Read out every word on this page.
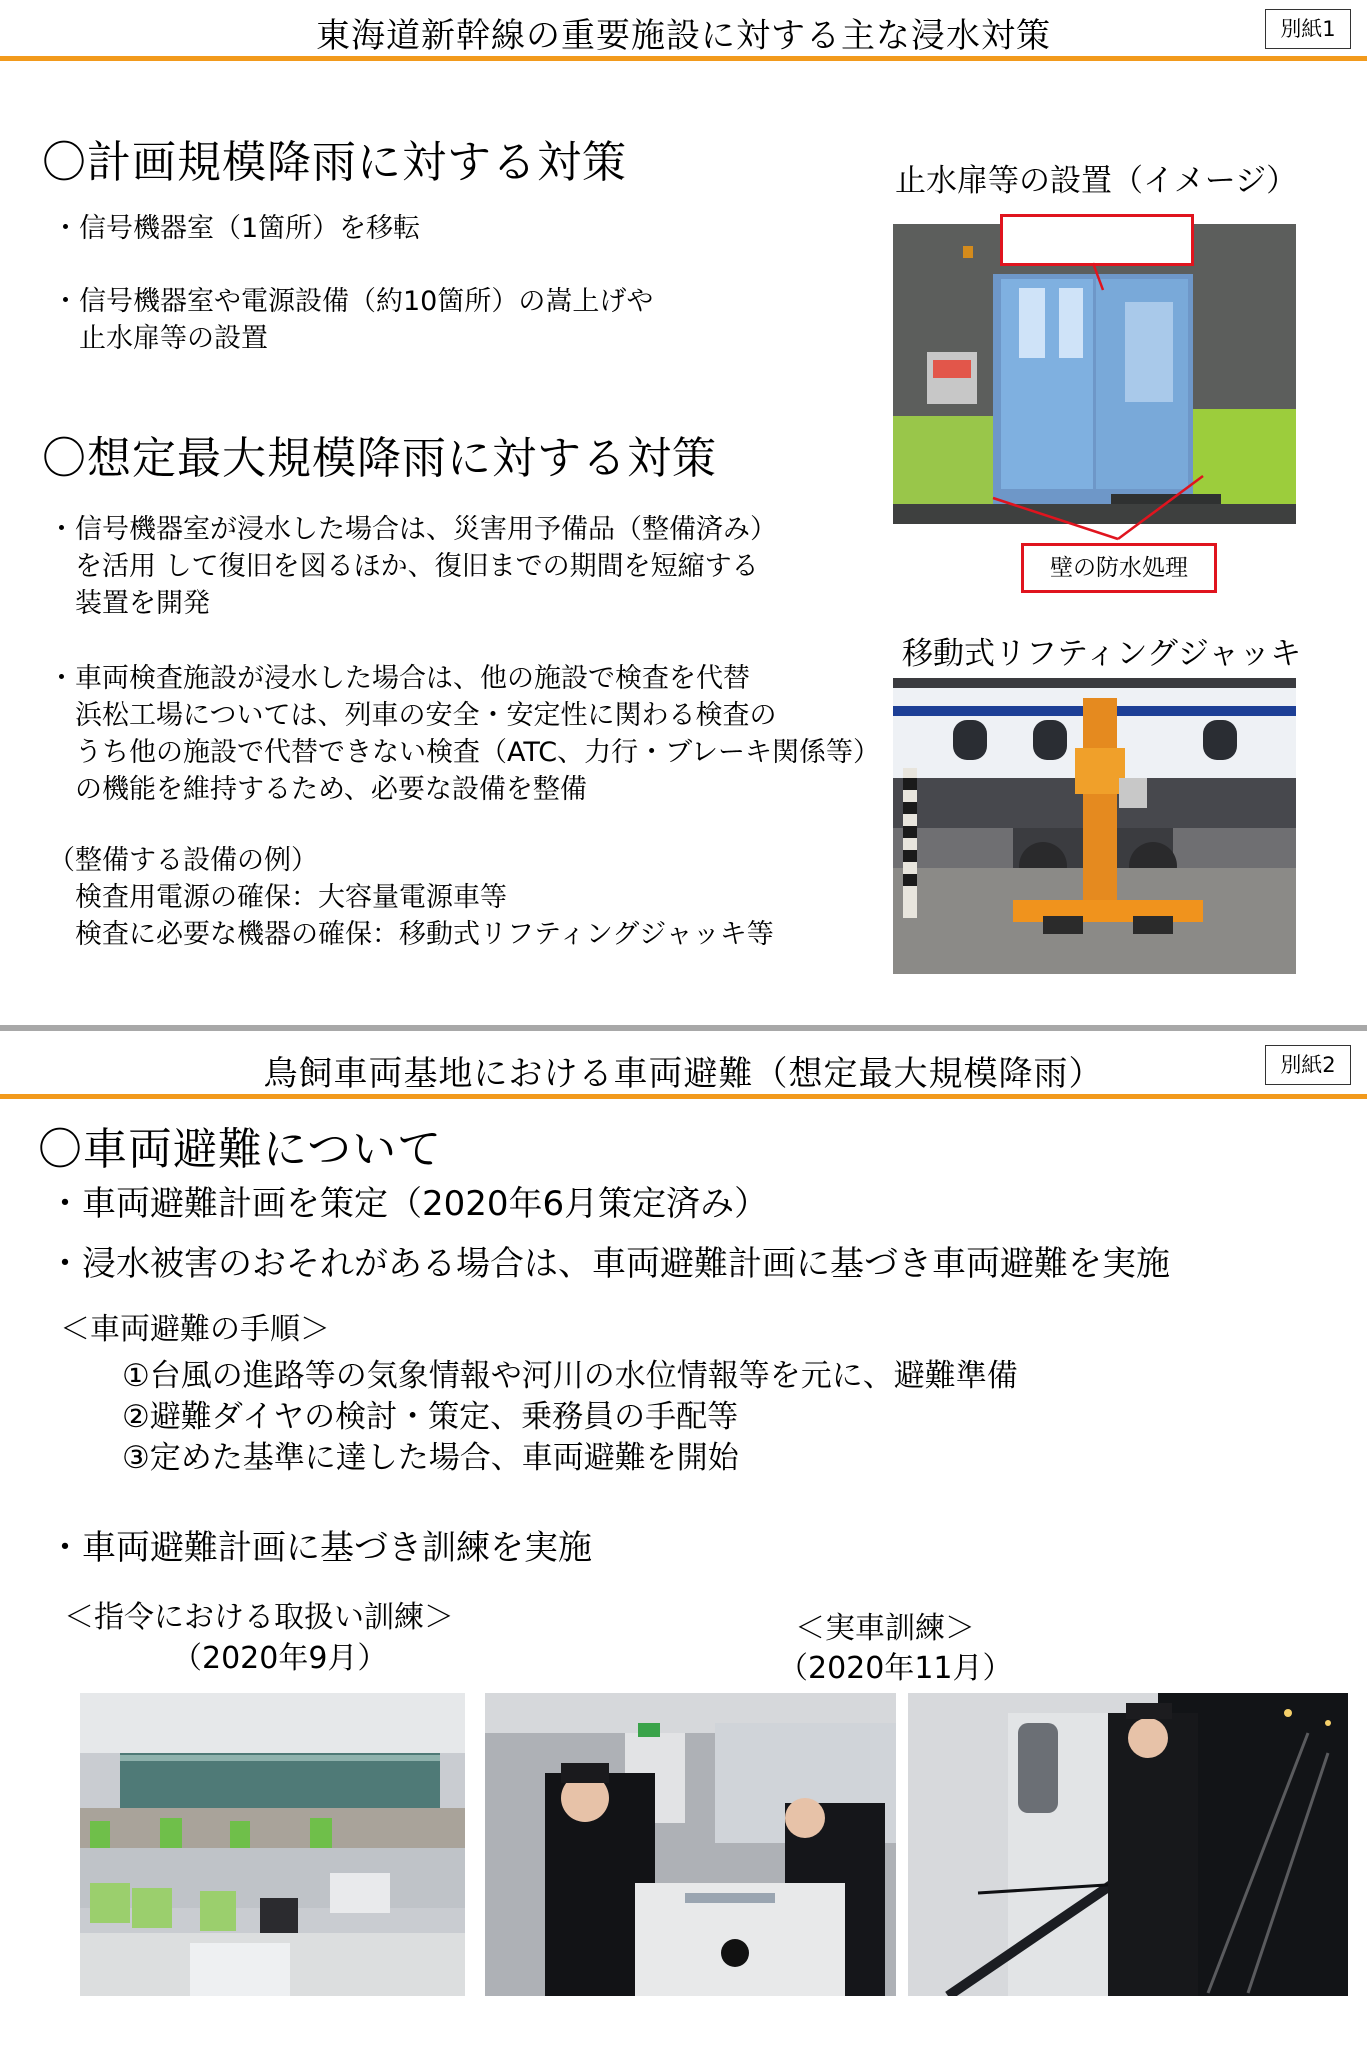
東海道新幹線の重要施設に対する主な浸水対策	別紙1
〇計画規模降雨に対する対策
・信号機器室（1箇所）を移転
・信号機器室や電源設備（約10箇所）の嵩上げや
　止水扉等の設置
〇想定最大規模降雨に対する対策
・信号機器室が浸水した場合は、災害用予備品（整備済み）
　を活用 して復旧を図るほか、復旧までの期間を短縮する
　装置を開発
・車両検査施設が浸水した場合は、他の施設で検査を代替
　浜松工場については、列車の安全・安定性に関わる検査の
　うち他の施設で代替できない検査（ATC、力行・ブレーキ関係等）
　の機能を維持するため、必要な設備を整備
（整備する設備の例）
　検査用電源の確保：大容量電源車等
　検査に必要な機器の確保：移動式リフティングジャッキ等
止水扉等の設置（イメージ）
壁の防水処理
移動式リフティングジャッキ
鳥飼車両基地における車両避難（想定最大規模降雨）	別紙2
〇車両避難について
・車両避難計画を策定（2020年6月策定済み）
・浸水被害のおそれがある場合は、車両避難計画に基づき車両避難を実施
＜車両避難の手順＞
①台風の進路等の気象情報や河川の水位情報等を元に、避難準備
②避難ダイヤの検討・策定、乗務員の手配等
③定めた基準に達した場合、車両避難を開始
・車両避難計画に基づき訓練を実施
＜指令における取扱い訓練＞
（2020年9月）
＜実車訓練＞
（2020年11月）
